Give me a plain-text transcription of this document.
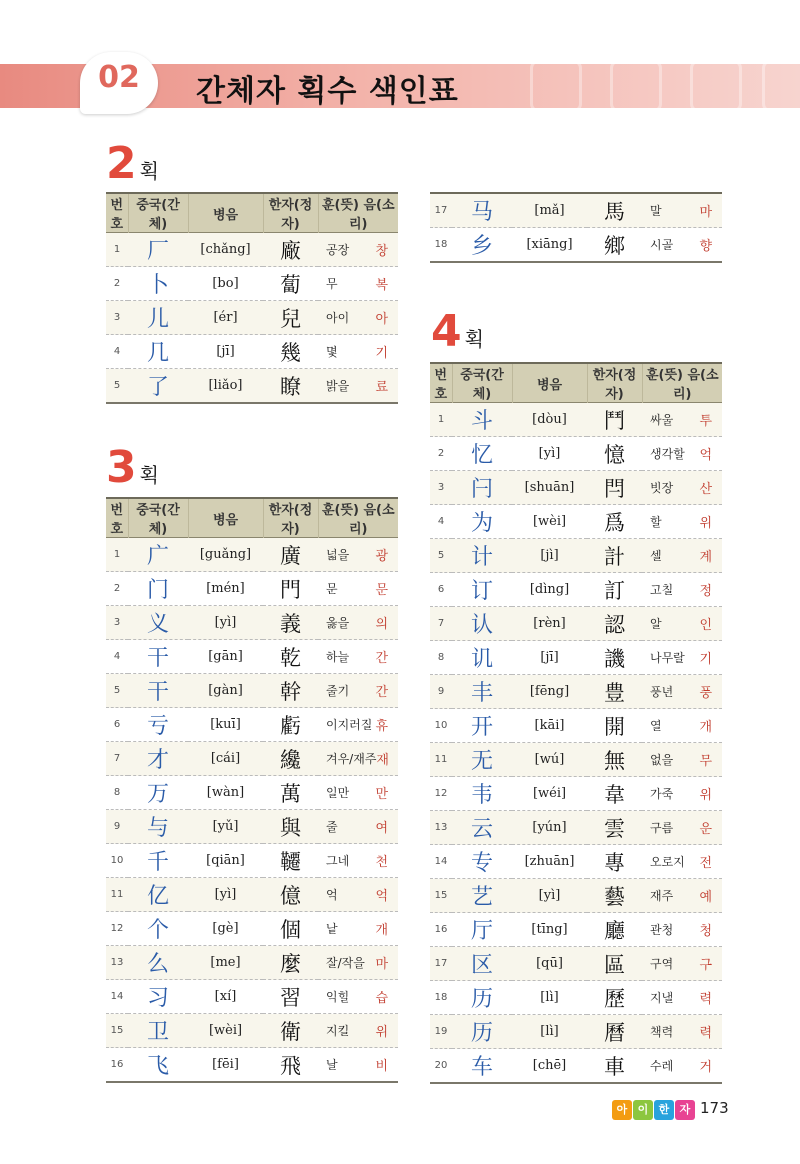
02	간체자 획수 색인표
2 획
3 획
4 획
번호	중국(간체)	병음	한자(정자)	훈(뜻) 음(소리)
1	厂	[chǎng]	廠	공장 창

2	卜	[bo]	蔔	무 복

3	儿	[ér]	兒	아이 아

4	几	[jī]	幾	몇 기

5	了	[liǎo]	瞭	밝을 료
번호	중국(간체)	병음	한자(정자)	훈(뜻) 음(소리)
1	广	[guǎng]	廣	넓을 광

2	门	[mén]	門	문 문

3	义	[yì]	義	옳을 의

4	干	[gān]	乾	하늘 간

5	干	[gàn]	幹	줄기 간

6	亏	[kuī]	虧	이지러질 휴

7	才	[cái]	纔	겨우/재주 재

8	万	[wàn]	萬	일만 만

9	与	[yǔ]	與	줄 여

10	千	[qiān]	韆	그네 천

11	亿	[yì]	億	억 억

12	个	[gè]	個	낱 개

13	么	[me]	麼	잘/작을 마

14	习	[xí]	習	익힐 습

15	卫	[wèi]	衛	지킬 위

16	飞	[fēi]	飛	날 비
17	马	[mǎ]	馬	말 마

18	乡	[xiāng]	鄉	시골 향
번호	중국(간체)	병음	한자(정자)	훈(뜻) 음(소리)
1	斗	[dòu]	鬥	싸울 투

2	忆	[yì]	憶	생각할 억

3	闩	[shuān]	閂	빗장 산

4	为	[wèi]	爲	할 위

5	计	[jì]	計	셀 계

6	订	[dìng]	訂	고칠 정

7	认	[rèn]	認	알 인

8	讥	[jī]	譏	나무랄 기

9	丰	[fēng]	豊	풍년 풍

10	开	[kāi]	開	열 개

11	无	[wú]	無	없을 무

12	韦	[wéi]	韋	가죽 위

13	云	[yún]	雲	구름 운

14	专	[zhuān]	專	오로지 전

15	艺	[yì]	藝	재주 예

16	厅	[tīng]	廳	관청 청

17	区	[qū]	區	구역 구

18	历	[lì]	歷	지낼 력

19	历	[lì]	曆	책력 력

20	车	[chē]	車	수레 거
아 이 한 자 173
